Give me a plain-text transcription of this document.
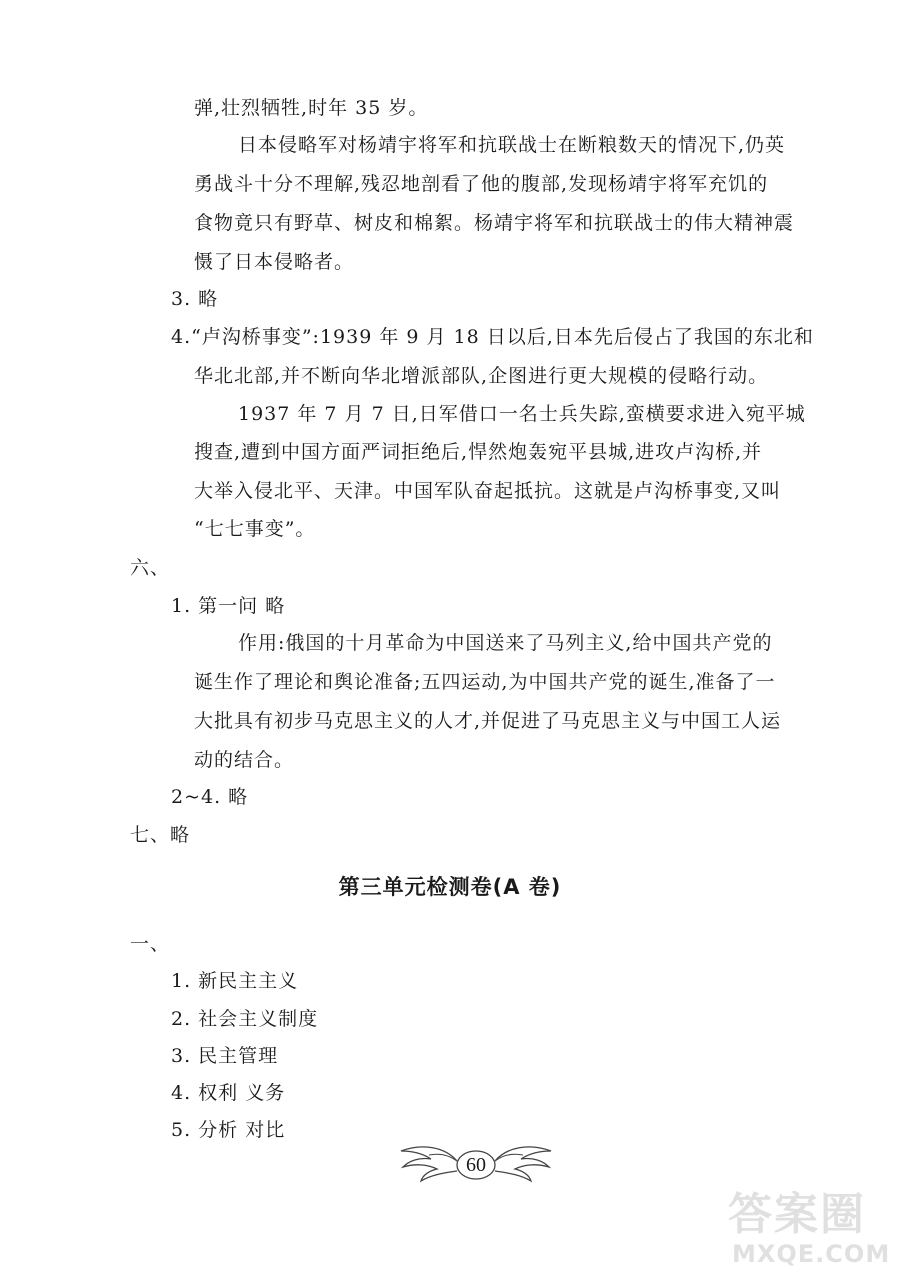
弹,壮烈牺牲,时年 35 岁。
日本侵略军对杨靖宇将军和抗联战士在断粮数天的情况下,仍英
勇战斗十分不理解,残忍地剖看了他的腹部,发现杨靖宇将军充饥的
食物竟只有野草、树皮和棉絮。杨靖宇将军和抗联战士的伟大精神震
慑了日本侵略者。
3. 略
4.“卢沟桥事变”:1939 年 9 月 18 日以后,日本先后侵占了我国的东北和
华北北部,并不断向华北增派部队,企图进行更大规模的侵略行动。
1937 年 7 月 7 日,日军借口一名士兵失踪,蛮横要求进入宛平城
搜查,遭到中国方面严词拒绝后,悍然炮轰宛平县城,进攻卢沟桥,并
大举入侵北平、天津。中国军队奋起抵抗。这就是卢沟桥事变,又叫
“七七事变”。
六、
1. 第一问 略
作用:俄国的十月革命为中国送来了马列主义,给中国共产党的
诞生作了理论和舆论准备;五四运动,为中国共产党的诞生,准备了一
大批具有初步马克思主义的人才,并促进了马克思主义与中国工人运
动的结合。
2~4. 略
七、略
第三单元检测卷(A 卷)
一、
1. 新民主主义
2. 社会主义制度
3. 民主管理
4. 权利 义务
5. 分析 对比
60
答案圈
MXQE.COM
